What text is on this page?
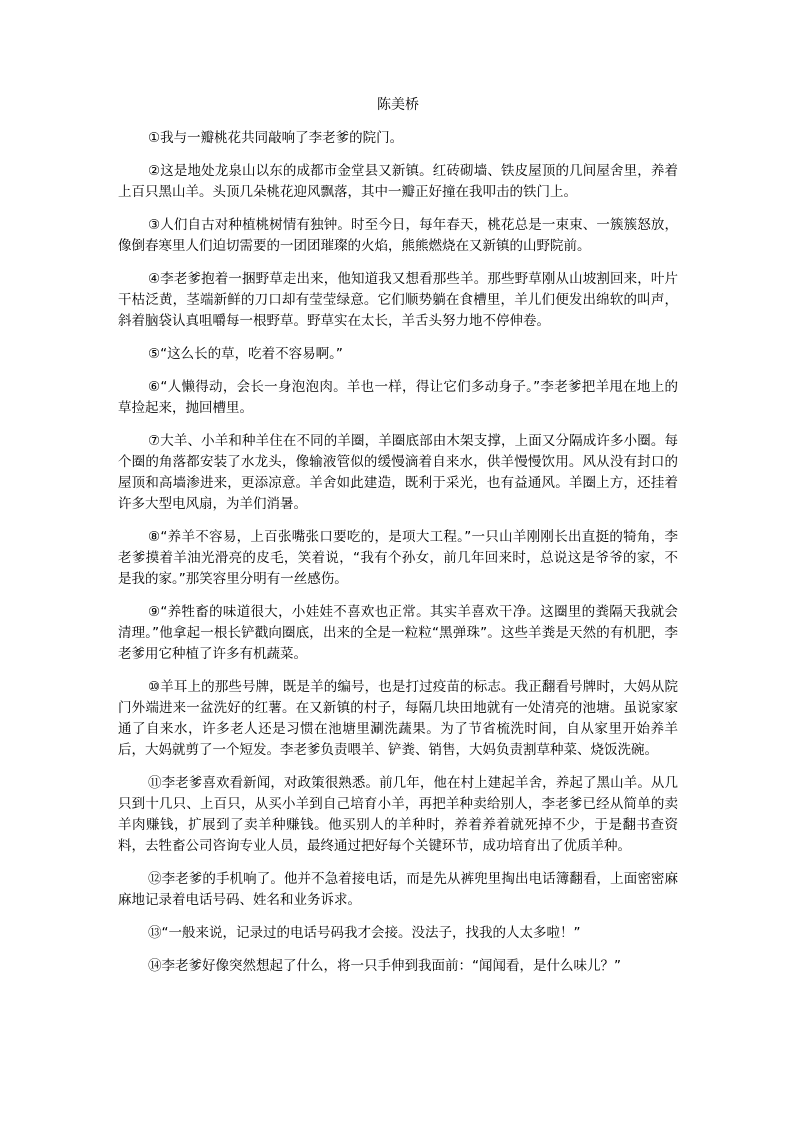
陈美桥

①我与一瓣桃花共同敲响了李老爹的院门。

②这是地处龙泉山以东的成都市金堂县又新镇。红砖砌墙、铁皮屋顶的几间屋舍里，养着上百只黑山羊。头顶几朵桃花迎风飘落，其中一瓣正好撞在我叩击的铁门上。

③人们自古对种植桃树情有独钟。时至今日，每年春天，桃花总是一束束、一簇簇怒放，像倒春寒里人们迫切需要的一团团璀璨的火焰，熊熊燃烧在又新镇的山野院前。

④李老爹抱着一捆野草走出来，他知道我又想看那些羊。那些野草刚从山坡割回来，叶片干枯泛黄，茎端新鲜的刀口却有莹莹绿意。它们顺势躺在食槽里，羊儿们便发出绵软的叫声，斜着脑袋认真咀嚼每一根野草。野草实在太长，羊舌头努力地不停伸卷。

⑤“这么长的草，吃着不容易啊。”

⑥“人懒得动，会长一身泡泡肉。羊也一样，得让它们多动身子。”李老爹把羊甩在地上的草捡起来，抛回槽里。

⑦大羊、小羊和种羊住在不同的羊圈，羊圈底部由木架支撑，上面又分隔成许多小圈。每个圈的角落都安装了水龙头，像输液管似的缓慢滴着自来水，供羊慢慢饮用。风从没有封口的屋顶和高墙渗进来，更添凉意。羊舍如此建造，既利于采光，也有益通风。羊圈上方，还挂着许多大型电风扇，为羊们消暑。

⑧“养羊不容易，上百张嘴张口要吃的，是项大工程。”一只山羊刚刚长出直挺的犄角，李老爹摸着羊油光滑亮的皮毛，笑着说，“我有个孙女，前几年回来时，总说这是爷爷的家，不是我的家。”那笑容里分明有一丝感伤。

⑨“养牲畜的味道很大，小娃娃不喜欢也正常。其实羊喜欢干净。这圈里的粪隔天我就会清理。”他拿起一根长铲戳向圈底，出来的全是一粒粒“黑弹珠”。这些羊粪是天然的有机肥，李老爹用它种植了许多有机蔬菜。

⑩羊耳上的那些号牌，既是羊的编号，也是打过疫苗的标志。我正翻看号牌时，大妈从院门外端进来一盆洗好的红薯。在又新镇的村子，每隔几块田地就有一处清亮的池塘。虽说家家通了自来水，许多老人还是习惯在池塘里涮洗蔬果。为了节省梳洗时间，自从家里开始养羊后，大妈就剪了一个短发。李老爹负责喂羊、铲粪、销售，大妈负责割草种菜、烧饭洗碗。

⑪李老爹喜欢看新闻，对政策很熟悉。前几年，他在村上建起羊舍，养起了黑山羊。从几只到十几只、上百只，从买小羊到自己培育小羊，再把羊种卖给别人，李老爹已经从简单的卖羊肉赚钱，扩展到了卖羊种赚钱。他买别人的羊种时，养着养着就死掉不少，于是翻书查资料，去牲畜公司咨询专业人员，最终通过把好每个关键环节，成功培育出了优质羊种。

⑫李老爹的手机响了。他并不急着接电话，而是先从裤兜里掏出电话簿翻看，上面密密麻麻地记录着电话号码、姓名和业务诉求。

⑬“一般来说，记录过的电话号码我才会接。没法子，找我的人太多啦！”

⑭李老爹好像突然想起了什么，将一只手伸到我面前：“闻闻看，是什么味儿？”
